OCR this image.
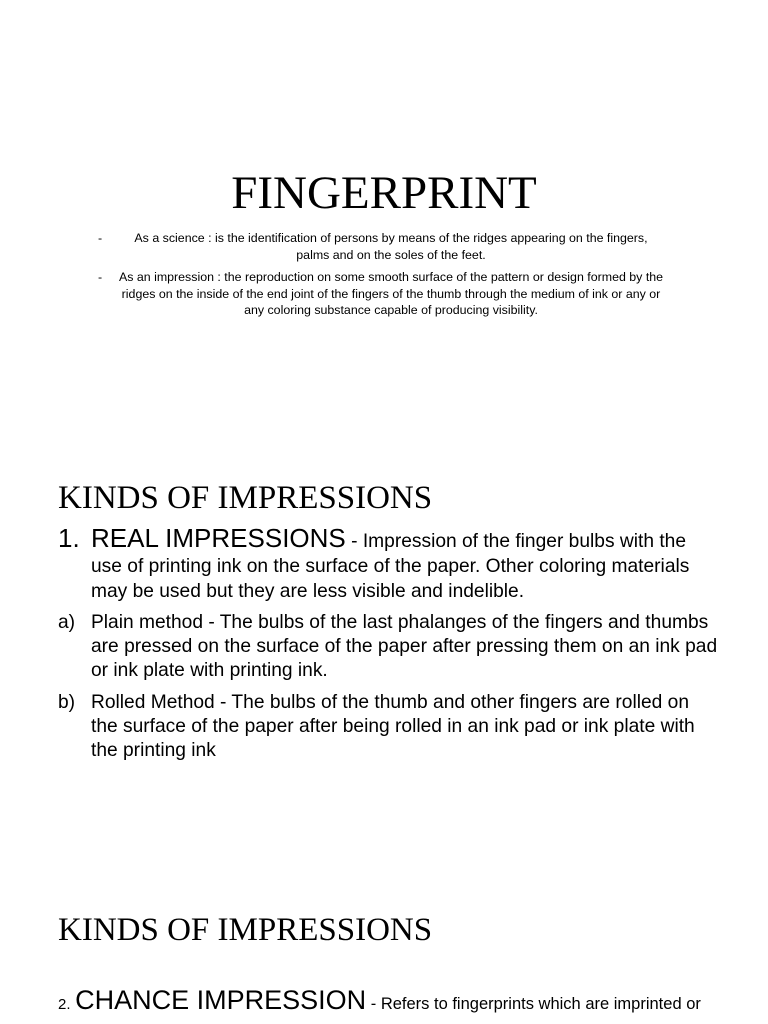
FINGERPRINT
-	As a science : is the identification of persons by means of the ridges appearing on the fingers, palms and on the soles of the feet.
- As an impression : the reproduction on some smooth surface of the pattern or design formed by the ridges on the inside of the end joint of the fingers of the thumb through the medium of ink or any or any coloring substance capable of producing visibility.
KINDS OF IMPRESSIONS

1. REAL IMPRESSIONS - Impression of the finger bulbs with the use of printing ink on the surface of the paper. Other coloring materials may be used but they are less visible and indelible.

a) Plain method - The bulbs of the last phalanges of the fingers and thumbs are pressed on the surface of the paper after pressing them on an ink pad or ink plate with printing ink.

b) Rolled Method - The bulbs of the thumb and other fingers are rolled on the surface of the paper after being rolled in an ink pad or ink plate with the printing ink

KINDS OF IMPRESSIONS
2. CHANCE IMPRESSION - Refers to fingerprints which are imprinted or
